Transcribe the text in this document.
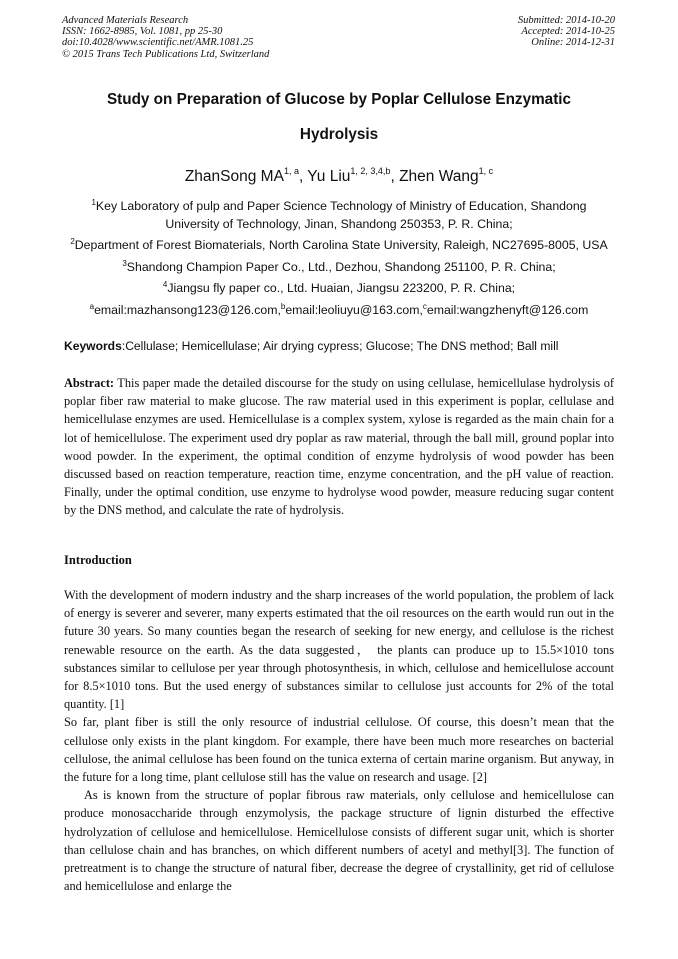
Advanced Materials Research
ISSN: 1662-8985, Vol. 1081, pp 25-30
doi:10.4028/www.scientific.net/AMR.1081.25
© 2015 Trans Tech Publications Ltd, Switzerland
Submitted: 2014-10-20
Accepted: 2014-10-25
Online: 2014-12-31
Study on Preparation of Glucose by Poplar Cellulose Enzymatic
Hydrolysis
ZhanSong MA$^{1, a}$, Yu Liu$^{1, 2, 3,4,b}$, Zhen Wang$^{1, c}$
$^1$Key Laboratory of pulp and Paper Science Technology of Ministry of Education, Shandong
University of Technology, Jinan, Shandong 250353, P. R. China;
$^2$Department of Forest Biomaterials, North Carolina State University, Raleigh, NC27695-8005, USA
$^3$Shandong Champion Paper Co., Ltd., Dezhou, Shandong 251100, P. R. China;
$^4$Jiangsu fly paper co., Ltd. Huaian, Jiangsu 223200, P. R. China;
$^a$email:mazhansong123@126.com,$^b$email:leoliuyu@163.com,$^c$email:wangzhenyft@126.com
Keywords:Cellulase; Hemicellulase; Air drying cypress; Glucose; The DNS method; Ball mill
Abstract: This paper made the detailed discourse for the study on using cellulase, hemicellulase hydrolysis of poplar fiber raw material to make glucose. The raw material used in this experiment is poplar, cellulase and hemicellulase enzymes are used. Hemicellulase is a complex system, xylose is regarded as the main chain for a lot of hemicellulose. The experiment used dry poplar as raw material, through the ball mill, ground poplar into wood powder. In the experiment, the optimal condition of enzyme hydrolysis of wood powder has been discussed based on reaction temperature, reaction time, enzyme concentration, and the pH value of reaction. Finally, under the optimal condition, use enzyme to hydrolyse wood powder, measure reducing sugar content by the DNS method, and calculate the rate of hydrolysis.
Introduction

With the development of modern industry and the sharp increases of the world population, the problem of lack of energy is severer and severer, many experts estimated that the oil resources on the earth would run out in the future 30 years. So many counties began the research of seeking for new energy, and cellulose is the richest renewable resource on the earth. As the data suggested， the plants can produce up to 15.5×1010 tons substances similar to cellulose per year through photosynthesis, in which, cellulose and hemicellulose account for 8.5×1010 tons. But the used energy of substances similar to cellulose just accounts for 2% of the total quantity. [1]

So far, plant fiber is still the only resource of industrial cellulose. Of course, this doesn’t mean that the cellulose only exists in the plant kingdom. For example, there have been much more researches on bacterial cellulose, the animal cellulose has been found on the tunica externa of certain marine organism. But anyway, in the future for a long time, plant cellulose still has the value on research and usage. [2]

As is known from the structure of poplar fibrous raw materials, only cellulose and hemicellulose can produce monosaccharide through enzymolysis, the package structure of lignin disturbed the effective hydrolyzation of cellulose and hemicellulose. Hemicellulose consists of different sugar unit, which is shorter than cellulose chain and has branches, on which different numbers of acetyl and methyl[3]. The function of pretreatment is to change the structure of natural fiber, decrease the degree of crystallinity, get rid of cellulose and hemicellulose and enlarge the
